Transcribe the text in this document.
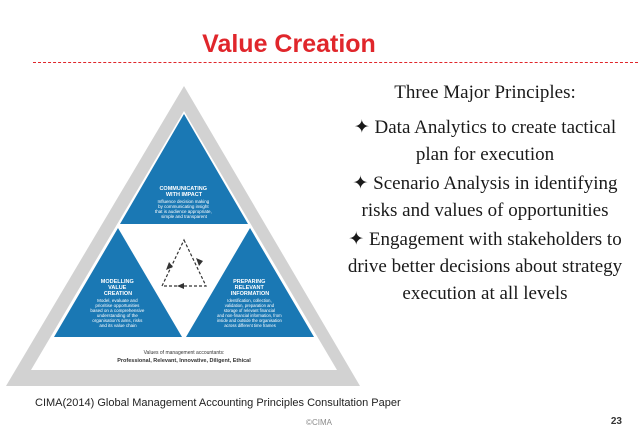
Value Creation
COMMUNICATING WITH IMPACT
Influence decision making by communicating insight that is audience appropriate, simple and transparent
MODELLING VALUE CREATION
Model, evaluate and prioritise opportunities based on a comprehensive understanding of the organisation's aims, risks and its value chain
PREPARING RELEVANT INFORMATION
Identification, collection, validation, preparation and storage of relevant financial and non-financial information, from inside and outside the organisation across different time frames
Values of management accountants:
Professional, Relevant, Innovative, Diligent, Ethical
Three Major Principles:
✦ Data Analytics to create tactical plan for execution
✦ Scenario Analysis in identifying risks and values of opportunities
✦ Engagement with stakeholders to drive better decisions about strategy execution at all levels
CIMA(2014) Global Management Accounting Principles Consultation Paper
©CIMA	23
